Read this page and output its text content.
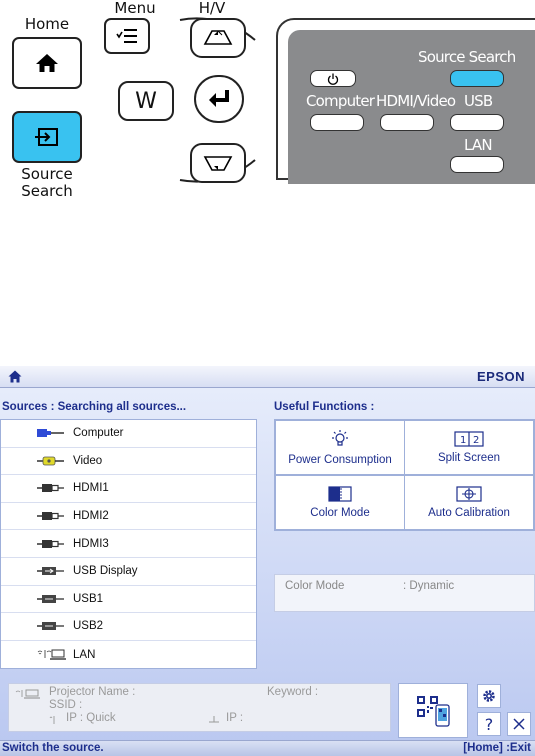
Home
Source
Search
Menu
W
H/V
Source Search
Computer HDMI/Video USB
LAN
EPSON
Sources : Searching all sources...	Useful Functions :
Computer
Video
HDMI1
HDMI2
HDMI3
USB Display
USB1
USB2
LAN
Power Consumption
1 2
Split Screen
Color Mode	Auto Calibration
Color Mode	: Dynamic
Projector Name :
SSID :
IP : Quick
Keyword :
IP :	?
Switch the source.	[Home] :Exit
